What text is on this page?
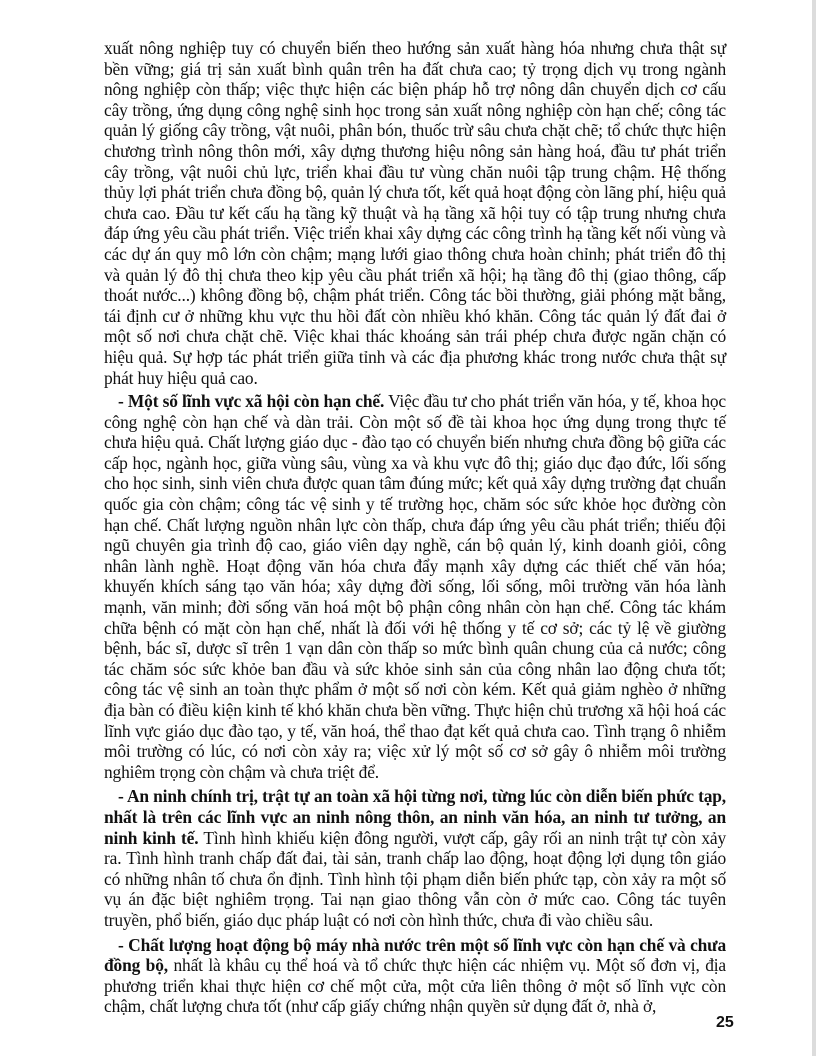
xuất nông nghiệp tuy có chuyển biến theo hướng sản xuất hàng hóa nhưng chưa thật sự bền vững; giá trị sản xuất bình quân trên ha đất chưa cao; tỷ trọng dịch vụ trong ngành nông nghiệp còn thấp; việc thực hiện các biện pháp hỗ trợ nông dân chuyển dịch cơ cấu cây trồng, ứng dụng công nghệ sinh học trong sản xuất nông nghiệp còn hạn chế; công tác quản lý giống cây trồng, vật nuôi, phân bón, thuốc trừ sâu chưa chặt chẽ; tổ chức thực hiện chương trình nông thôn mới, xây dựng thương hiệu nông sản hàng hoá, đầu tư phát triển cây trồng, vật nuôi chủ lực, triển khai đầu tư vùng chăn nuôi tập trung chậm. Hệ thống thủy lợi phát triển chưa đồng bộ, quản lý chưa tốt, kết quả hoạt động còn lãng phí, hiệu quả chưa cao. Đầu tư kết cấu hạ tầng kỹ thuật và hạ tầng xã hội tuy có tập trung nhưng chưa đáp ứng yêu cầu phát triển. Việc triển khai xây dựng các công trình hạ tầng kết nối vùng và các dự án quy mô lớn còn chậm; mạng lưới giao thông chưa hoàn chỉnh; phát triển đô thị và quản lý đô thị chưa theo kịp yêu cầu phát triển xã hội; hạ tầng đô thị (giao thông, cấp thoát nước...) không đồng bộ, chậm phát triển. Công tác bồi thường, giải phóng mặt bằng, tái định cư ở những khu vực thu hồi đất còn nhiều khó khăn. Công tác quản lý đất đai ở một số nơi chưa chặt chẽ. Việc khai thác khoáng sản trái phép chưa được ngăn chặn có hiệu quả. Sự hợp tác phát triển giữa tỉnh và các địa phương khác trong nước chưa thật sự phát huy hiệu quả cao.

- Một số lĩnh vực xã hội còn hạn chế. Việc đầu tư cho phát triển văn hóa, y tế, khoa học công nghệ còn hạn chế và dàn trải. Còn một số đề tài khoa học ứng dụng trong thực tế chưa hiệu quả. Chất lượng giáo dục - đào tạo có chuyển biến nhưng chưa đồng bộ giữa các cấp học, ngành học, giữa vùng sâu, vùng xa và khu vực đô thị; giáo dục đạo đức, lối sống cho học sinh, sinh viên chưa được quan tâm đúng mức; kết quả xây dựng trường đạt chuẩn quốc gia còn chậm; công tác vệ sinh y tế trường học, chăm sóc sức khỏe học đường còn hạn chế. Chất lượng nguồn nhân lực còn thấp, chưa đáp ứng yêu cầu phát triển; thiếu đội ngũ chuyên gia trình độ cao, giáo viên dạy nghề, cán bộ quản lý, kinh doanh giỏi, công nhân lành nghề. Hoạt động văn hóa chưa đẩy mạnh xây dựng các thiết chế văn hóa; khuyến khích sáng tạo văn hóa; xây dựng đời sống, lối sống, môi trường văn hóa lành mạnh, văn minh; đời sống văn hoá một bộ phận công nhân còn hạn chế. Công tác khám chữa bệnh có mặt còn hạn chế, nhất là đối với hệ thống y tế cơ sở; các tỷ lệ về giường bệnh, bác sĩ, dược sĩ trên 1 vạn dân còn thấp so mức bình quân chung của cả nước; công tác chăm sóc sức khỏe ban đầu và sức khỏe sinh sản của công nhân lao động chưa tốt; công tác vệ sinh an toàn thực phẩm ở một số nơi còn kém. Kết quả giảm nghèo ở những địa bàn có điều kiện kinh tế khó khăn chưa bền vững. Thực hiện chủ trương xã hội hoá các lĩnh vực giáo dục đào tạo, y tế, văn hoá, thể thao đạt kết quả chưa cao. Tình trạng ô nhiễm môi trường có lúc, có nơi còn xảy ra; việc xử lý một số cơ sở gây ô nhiễm môi trường nghiêm trọng còn chậm và chưa triệt để.

- An ninh chính trị, trật tự an toàn xã hội từng nơi, từng lúc còn diễn biến phức tạp, nhất là trên các lĩnh vực an ninh nông thôn, an ninh văn hóa, an ninh tư tưởng, an ninh kinh tế. Tình hình khiếu kiện đông người, vượt cấp, gây rối an ninh trật tự còn xảy ra. Tình hình tranh chấp đất đai, tài sản, tranh chấp lao động, hoạt động lợi dụng tôn giáo có những nhân tố chưa ổn định. Tình hình tội phạm diễn biến phức tạp, còn xảy ra một số vụ án đặc biệt nghiêm trọng. Tai nạn giao thông vẫn còn ở mức cao. Công tác tuyên truyền, phổ biến, giáo dục pháp luật có nơi còn hình thức, chưa đi vào chiều sâu.

- Chất lượng hoạt động bộ máy nhà nước trên một số lĩnh vực còn hạn chế và chưa đồng bộ, nhất là khâu cụ thể hoá và tổ chức thực hiện các nhiệm vụ. Một số đơn vị, địa phương triển khai thực hiện cơ chế một cửa, một cửa liên thông ở một số lĩnh vực còn chậm, chất lượng chưa tốt (như cấp giấy chứng nhận quyền sử dụng đất ở, nhà ở,

25
